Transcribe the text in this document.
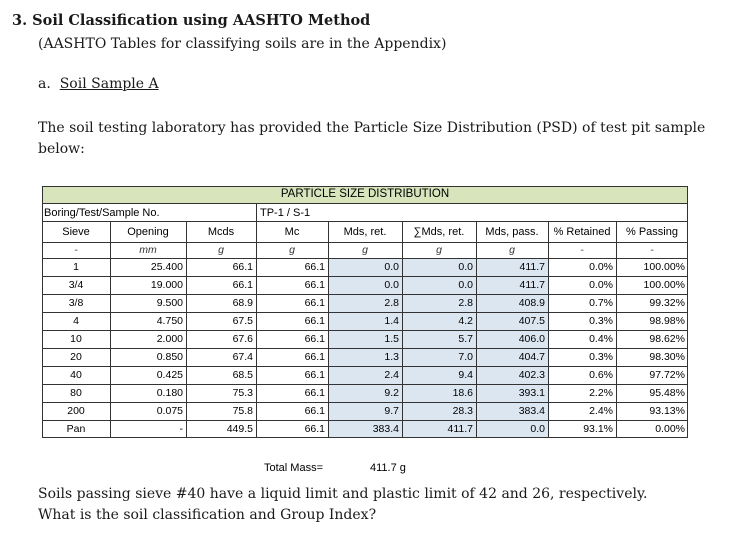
3. Soil Classification using AASHTO Method
(AASHTO Tables for classifying soils are in the Appendix)
a. Soil Sample A
The soil testing laboratory has provided the Particle Size Distribution (PSD) of test pit sample below:
PARTICLE SIZE DISTRIBUTION
Boring/Test/Sample No.	TP-1 / S-1
Sieve	Opening	Mcds	Mc	Mds, ret.	∑Mds, ret.	Mds, pass.	% Retained	% Passing
-	mm	g	g	g	g	g	-	-
1	25.400	66.1	66.1	0.0	0.0	411.7	0.0%	100.00%
3/4	19.000	66.1	66.1	0.0	0.0	411.7	0.0%	100.00%
3/8	9.500	68.9	66.1	2.8	2.8	408.9	0.7%	99.32%
4	4.750	67.5	66.1	1.4	4.2	407.5	0.3%	98.98%
10	2.000	67.6	66.1	1.5	5.7	406.0	0.4%	98.62%
20	0.850	67.4	66.1	1.3	7.0	404.7	0.3%	98.30%
40	0.425	68.5	66.1	2.4	9.4	402.3	0.6%	97.72%
80	0.180	75.3	66.1	9.2	18.6	393.1	2.2%	95.48%
200	0.075	75.8	66.1	9.7	28.3	383.4	2.4%	93.13%
Pan	-	449.5	66.1	383.4	411.7	0.0	93.1%	0.00%
Total Mass=	411.7 g
Soils passing sieve #40 have a liquid limit and plastic limit of 42 and 26, respectively.
What is the soil classification and Group Index?
